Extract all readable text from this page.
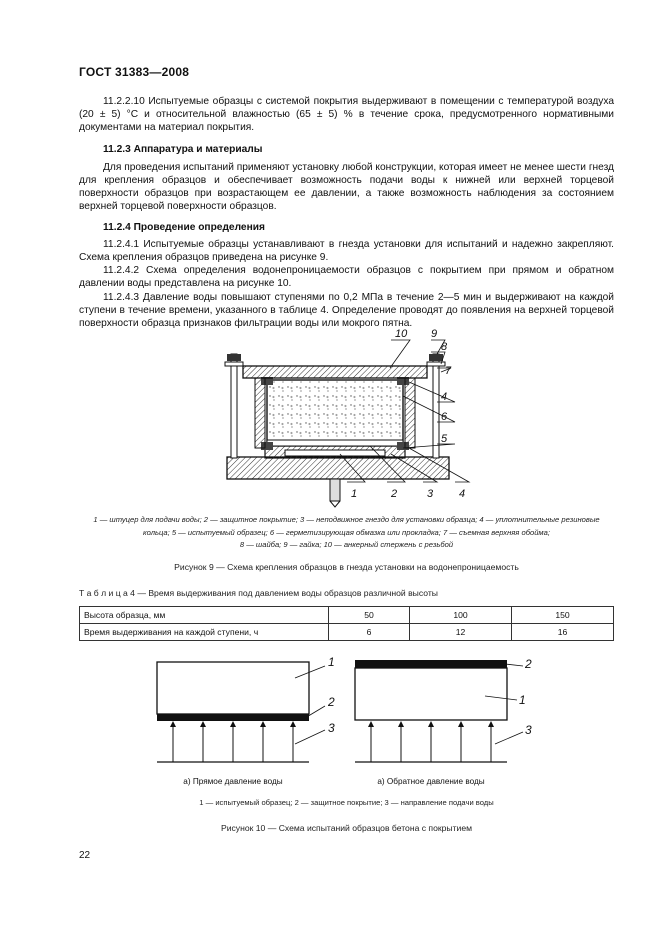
ГОСТ 31383—2008

11.2.2.10 Испытуемые образцы с системой покрытия выдерживают в помещении с температурой воздуха (20 ± 5) °С и относительной влажностью (65 ± 5) % в течение срока, предусмотренного нормативными документами на материал покрытия.

11.2.3 Аппаратура и материалы

Для проведения испытаний применяют установку любой конструкции, которая имеет не менее шести гнезд для крепления образцов и обеспечивает возможность подачи воды к нижней или верхней торцевой поверхности образцов при возрастающем ее давлении, а также возможность наблюдения за состоянием верхней торцевой поверхности образцов.

11.2.4 Проведение определения

11.2.4.1 Испытуемые образцы устанавливают в гнезда установки для испытаний и надежно закрепляют. Схема крепления образцов приведена на рисунке 9.

11.2.4.2 Схема определения водонепроницаемости образцов с покрытием при прямом и обратном давлении воды представлена на рисунке 10.

11.2.4.3 Давление воды повышают ступенями по 0,2 МПа в течение 2—5 мин и выдерживают на каждой ступени в течение времени, указанного в таблице 4. Определение проводят до появления на верхней торцевой поверхности образца признаков фильтрации воды или мокрого пятна.

10 9
8
7
4
6
5
1	2	3 4
1 — штуцер для подачи воды; 2 — защитное покрытие; 3 — неподвижное гнездо для установки образца; 4 — уплотнительные резиновые кольца; 5 — испытуемый образец; 6 — герметизирующая обмазка или прокладка; 7 — съемная верхняя обойма;
8 — шайба; 9 — гайка; 10 — анкерный стержень с резьбой
Рисунок 9 — Схема крепления образцов в гнезда установки на водонепроницаемость
Т а б л и ц а 4 — Время выдерживания под давлением воды образцов различной высоты
Высота образца, мм	50	100	150
Время выдерживания на каждой ступени, ч	6	12	16
1
2
3
2
1
3
а) Прямое давление воды	а) Обратное давление воды
1 — испытуемый образец; 2 — защитное покрытие; 3 — направление подачи воды
Рисунок 10 — Схема испытаний образцов бетона с покрытием
22
